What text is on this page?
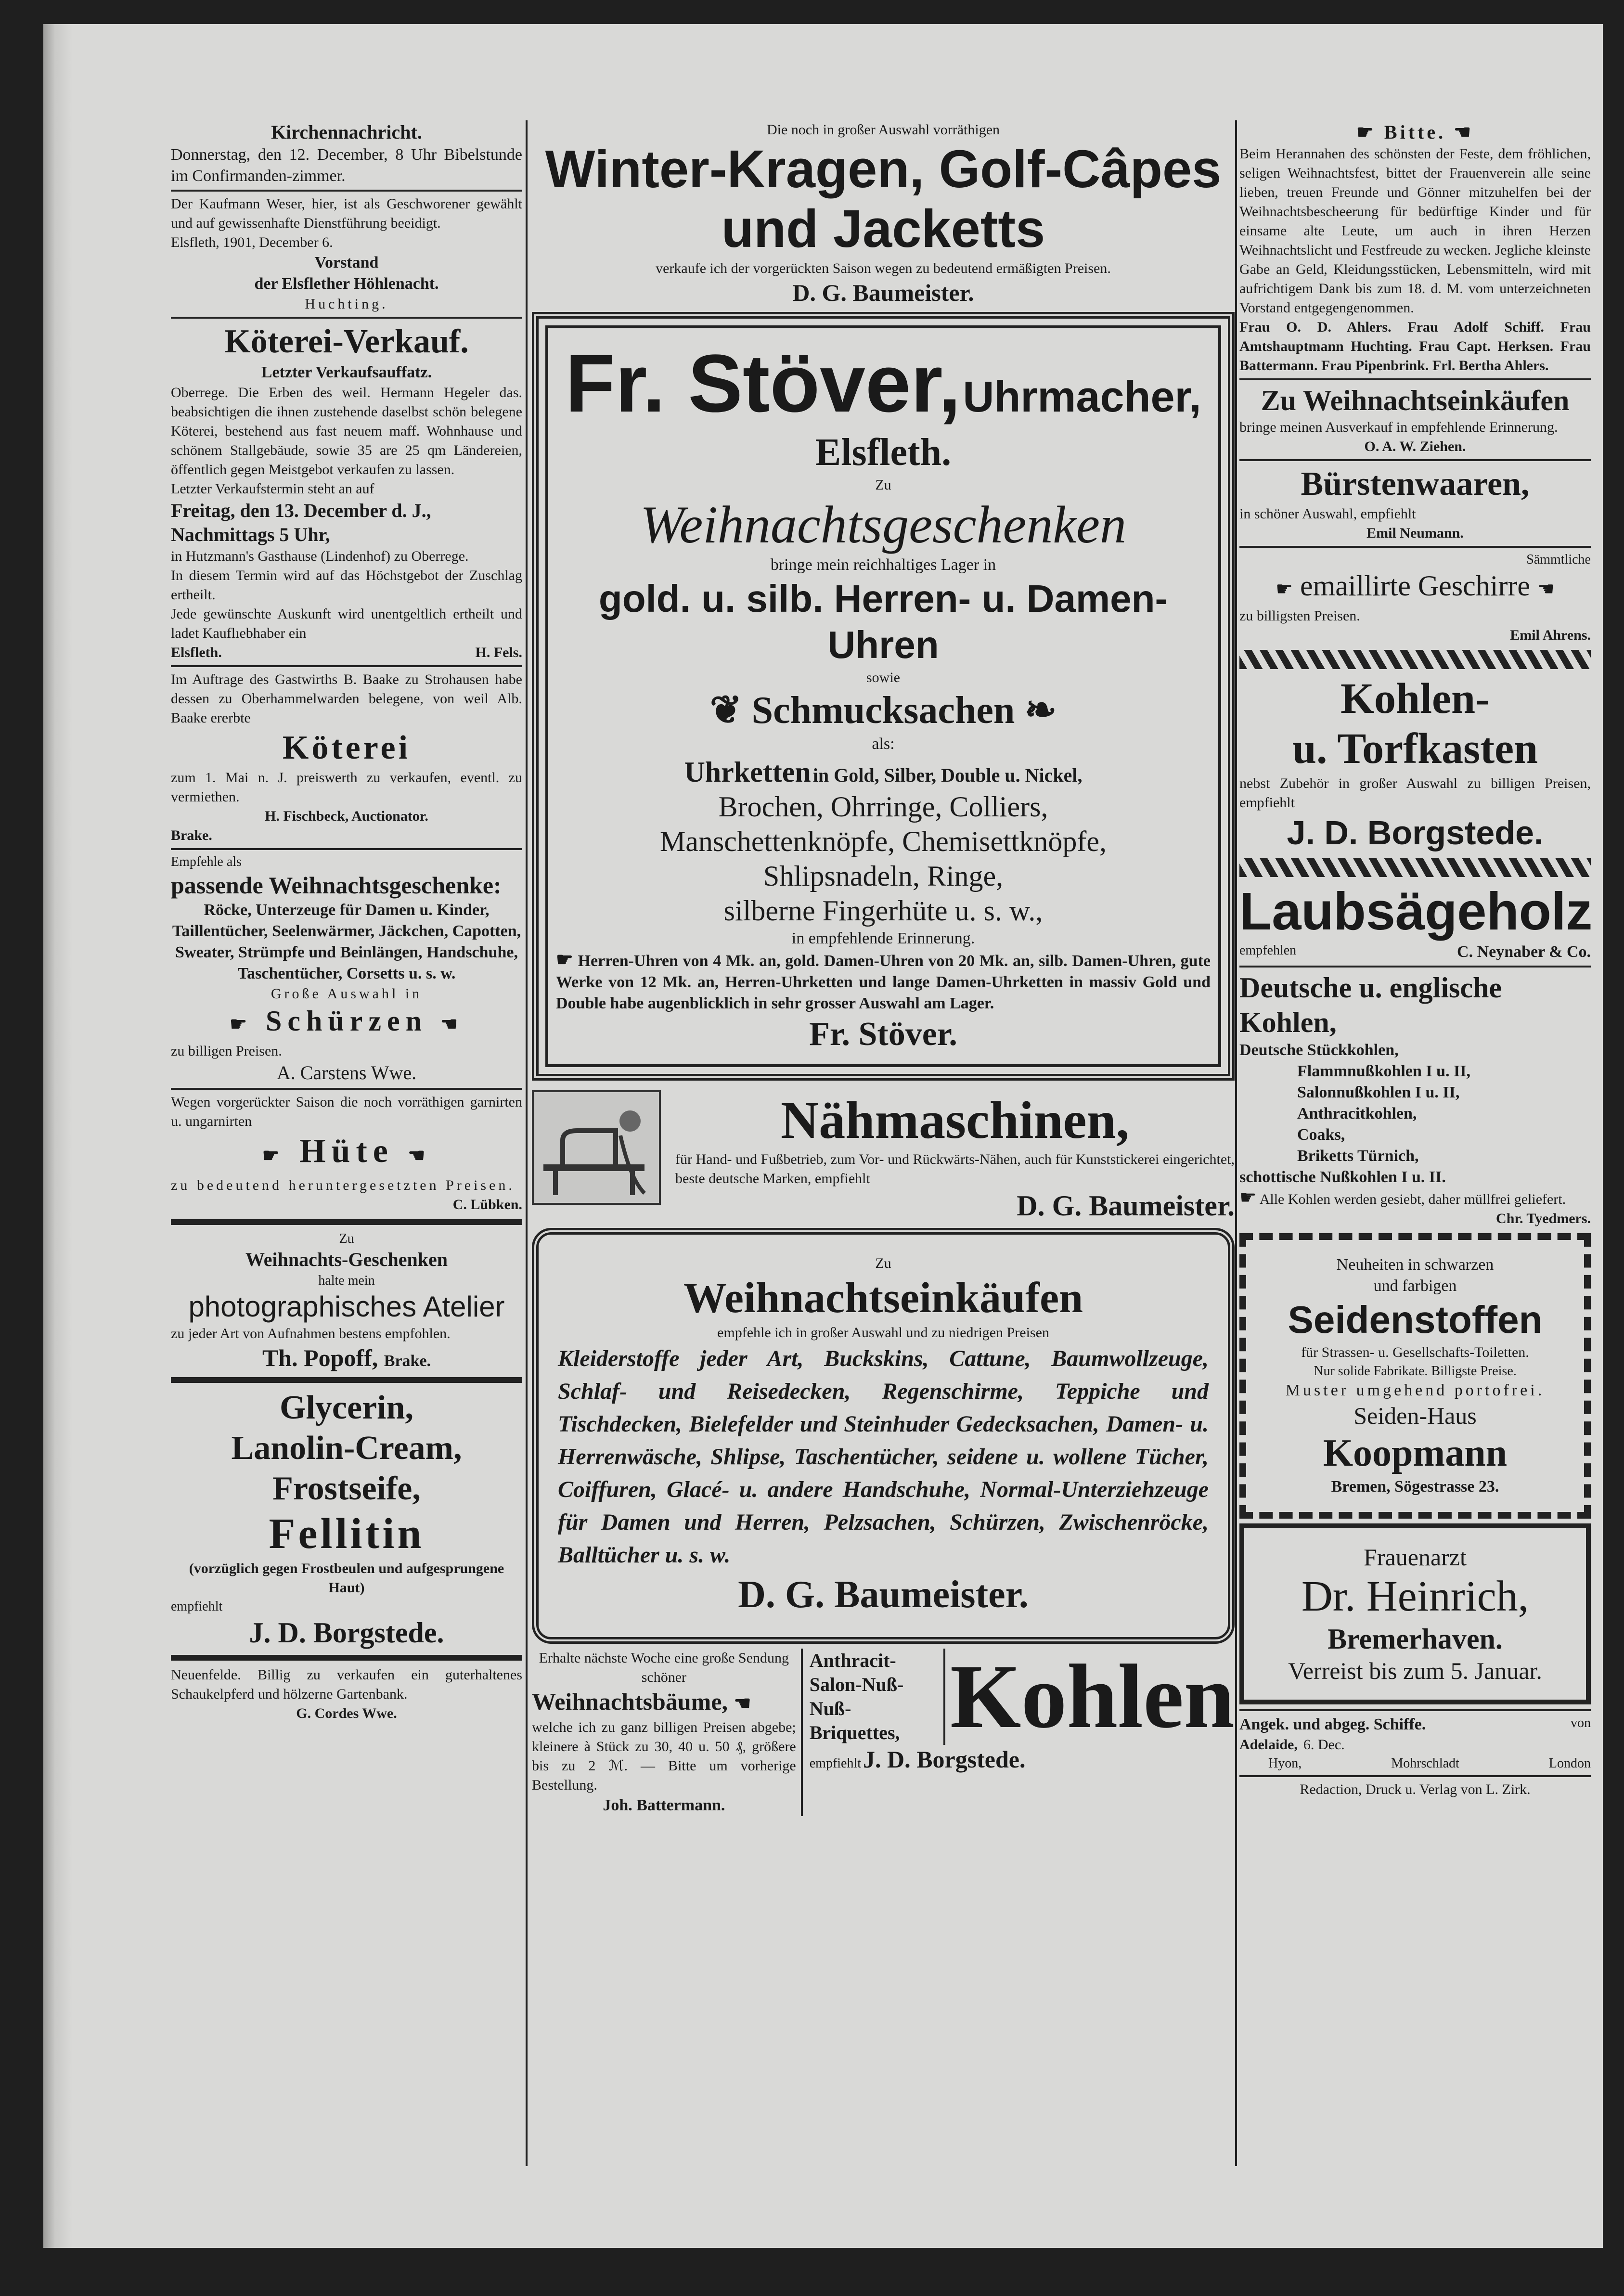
Kirchennachricht.

Donnerstag, den 12. December, 8 Uhr Bibelstunde im Confirmanden-zimmer.

Der Kaufmann Weser, hier, ist als Geschworener gewählt und auf gewissenhafte Dienstführung beeidigt.

Elsfleth, 1901, December 6.

Vorstand

der Elsflether Höhlenacht.

Huchting.

Köterei-Verkauf.

Letzter Verkaufsauffatz.

Oberrege. Die Erben des weil. Hermann Hegeler das. beabsichtigen die ihnen zustehende daselbst schön belegene Köterei, bestehend aus fast neuem maff. Wohnhause und schönem Stallgebäude, sowie 35 are 25 qm Ländereien, öffentlich gegen Meistgebot verkaufen zu lassen.

Letzter Verkaufstermin steht an auf

Freitag, den 13. December d. J., Nachmittags 5 Uhr,

in Hutzmann's Gasthause (Lindenhof) zu Oberrege.

In diesem Termin wird auf das Höchstgebot der Zuschlag ertheilt.

Jede gewünschte Auskunft wird unentgeltlich ertheilt und ladet Kauflıebhaber ein

Elsfleth.	H. Fels.

Im Auftrage des Gastwirths B. Baake zu Strohausen habe dessen zu Oberhammelwarden belegene, von weil Alb. Baake ererbte

Köterei

zum 1. Mai n. J. preiswerth zu verkaufen, eventl. zu vermiethen.

H. Fischbeck, Auctionator.

Brake.

Empfehle als

passende Weihnachtsgeschenke:

Röcke, Unterzeuge für Damen u. Kinder, Taillentücher, Seelenwärmer, Jäckchen, Capotten, Sweater, Strümpfe und Beinlängen, Handschuhe, Taschentücher, Corsetts u. s. w.

Große Auswahl in

☛ Schürzen ☚

zu billigen Preisen.

A. Carstens Wwe.

Wegen vorgerückter Saison die noch vorräthigen garnirten u. ungarnirten

☛ Hüte ☚

zu bedeutend heruntergesetzten Preisen.

C. Lübken.

Zu

Weihnachts-Geschenken

halte mein

photographisches Atelier

zu jeder Art von Aufnahmen bestens empfohlen.

Th. Popoff, Brake.

Glycerin,

Lanolin-Cream,

Frostseife,

Fellitin

(vorzüglich gegen Frostbeulen und aufgesprungene Haut)

empfiehlt

J. D. Borgstede.

Neuenfelde. Billig zu verkaufen ein guterhaltenes Schaukelpferd und hölzerne Gartenbank.

G. Cordes Wwe.

Die noch in großer Auswahl vorräthigen

Winter-Kragen, Golf-Câpes

und Jacketts

verkaufe ich der vorgerückten Saison wegen zu bedeutend ermäßigten Preisen.

D. G. Baumeister.

Fr. Stöver, Uhrmacher,

Elsfleth.

Zu

Weihnachtsgeschenken

bringe mein reichhaltiges Lager in

gold. u. silb. Herren- u. Damen-Uhren

sowie

❦ Schmucksachen ❧

als:

Uhrketten in Gold, Silber, Double u. Nickel,

Brochen, Ohrringe, Colliers,

Manschettenknöpfe, Chemisettknöpfe,

Shlipsnadeln, Ringe,

silberne Fingerhüte u. s. w.,

in empfehlende Erinnerung.

☛ Herren-Uhren von 4 Mk. an, gold. Damen-Uhren von 20 Mk. an, silb. Damen-Uhren, gute Werke von 12 Mk. an, Herren-Uhrketten und lange Damen-Uhrketten in massiv Gold und Double habe augenblicklich in sehr grosser Auswahl am Lager.

Fr. Stöver.

Nähmaschinen,

für Hand- und Fußbetrieb, zum Vor- und Rückwärts-Nähen, auch für Kunststickerei eingerichtet, beste deutsche Marken, empfiehlt

D. G. Baumeister.

Zu

Weihnachtseinkäufen

empfehle ich in großer Auswahl und zu niedrigen Preisen

Kleiderstoffe jeder Art, Buckskins, Cattune, Baumwollzeuge, Schlaf- und Reisedecken, Regenschirme, Teppiche und Tischdecken, Bielefelder und Steinhuder Gedecksachen, Damen- u. Herrenwäsche, Shlipse, Taschentücher, seidene u. wollene Tücher, Coiffuren, Glacé- u. andere Handschuhe, Normal-Unterziehzeuge für Damen und Herren, Pelzsachen, Schürzen, Zwischenröcke, Balltücher u. s. w.

D. G. Baumeister.

Erhalte nächste Woche eine große Sendung schöner

Weihnachtsbäume, ☚

welche ich zu ganz billigen Preisen abgebe; kleinere à Stück zu 30, 40 u. 50 ₰, größere bis zu 2 ℳ. — Bitte um vorherige Bestellung.

Joh. Battermann.

Anthracit-

Salon-Nuß-

Nuß-

Briquettes, Kohlen

empfiehlt J. D. Borgstede.

☛ Bitte. ☚

Beim Herannahen des schönsten der Feste, dem fröhlichen, seligen Weihnachtsfest, bittet der Frauenverein alle seine lieben, treuen Freunde und Gönner mitzuhelfen bei der Weihnachtsbescheerung für bedürftige Kinder und für einsame alte Leute, um auch in ihren Herzen Weihnachtslicht und Festfreude zu wecken. Jegliche kleinste Gabe an Geld, Kleidungsstücken, Lebensmitteln, wird mit aufrichtigem Dank bis zum 18. d. M. vom unterzeichneten Vorstand entgegengenommen.

Frau O. D. Ahlers. Frau Adolf Schiff. Frau Amtshauptmann Huchting. Frau Capt. Herksen. Frau Battermann. Frau Pipenbrink. Frl. Bertha Ahlers.

Zu Weihnachtseinkäufen

bringe meinen Ausverkauf in empfehlende Erinnerung.

O. A. W. Ziehen.

Bürstenwaaren,

in schöner Auswahl, empfiehlt

Emil Neumann.

Sämmtliche

☛ emaillirte Geschirre ☚

zu billigsten Preisen.

Emil Ahrens.

Kohlen-

u. Torfkasten

nebst Zubehör in großer Auswahl zu billigen Preisen, empfiehlt

J. D. Borgstede.

Laubsägeholz

empfehlen	C. Neynaber & Co.

Deutsche u. englische Kohlen,

Deutsche Stückkohlen,

Flammnußkohlen I u. II,

Salonnußkohlen I u. II,

Anthracitkohlen,

Coaks,

Briketts Türnich,

schottische Nußkohlen I u. II.

☛ Alle Kohlen werden gesiebt, daher müllfrei geliefert.

Chr. Tyedmers.

Neuheiten in schwarzen

und farbigen

Seidenstoffen

für Strassen- u. Gesellschafts-Toiletten.

Nur solide Fabrikate. Billigste Preise.

Muster umgehend portofrei.

Seiden-Haus

Koopmann

Bremen, Sögestrasse 23.

Frauenarzt

Dr. Heinrich,

Bremerhaven.

Verreist bis zum 5. Januar.

Angek. und abgeg. Schiffe.	von
Adelaide, 6. Dec.
Hyon,	Mohrschladt	London

Redaction, Druck u. Verlag von L. Zirk.
